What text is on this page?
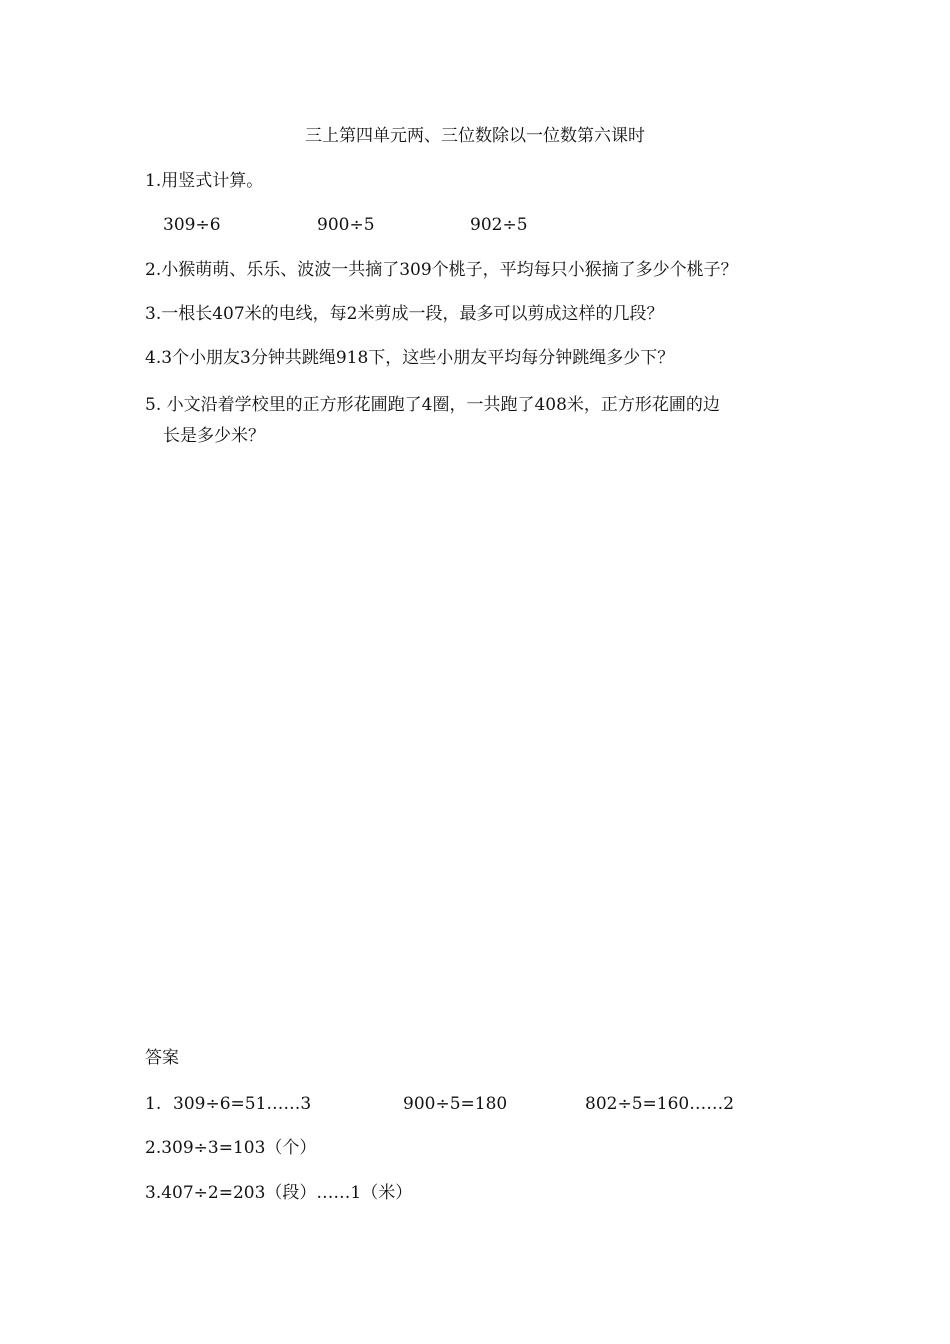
三上第四单元两、三位数除以一位数第六课时
1.用竖式计算。
309÷6	900÷5	902÷5
2.小猴萌萌、乐乐、波波一共摘了309个桃子，平均每只小猴摘了多少个桃子？
3.一根长407米的电线，每2米剪成一段，最多可以剪成这样的几段？
4.3个小朋友3分钟共跳绳918下，这些小朋友平均每分钟跳绳多少下？
5. 小文沿着学校里的正方形花圃跑了4圈，一共跑了408米，正方形花圃的边
长是多少米？
答案
1. 309÷6=51……3	900÷5=180	802÷5=160……2
2.309÷3=103（个）
3.407÷2=203（段）……1（米）
